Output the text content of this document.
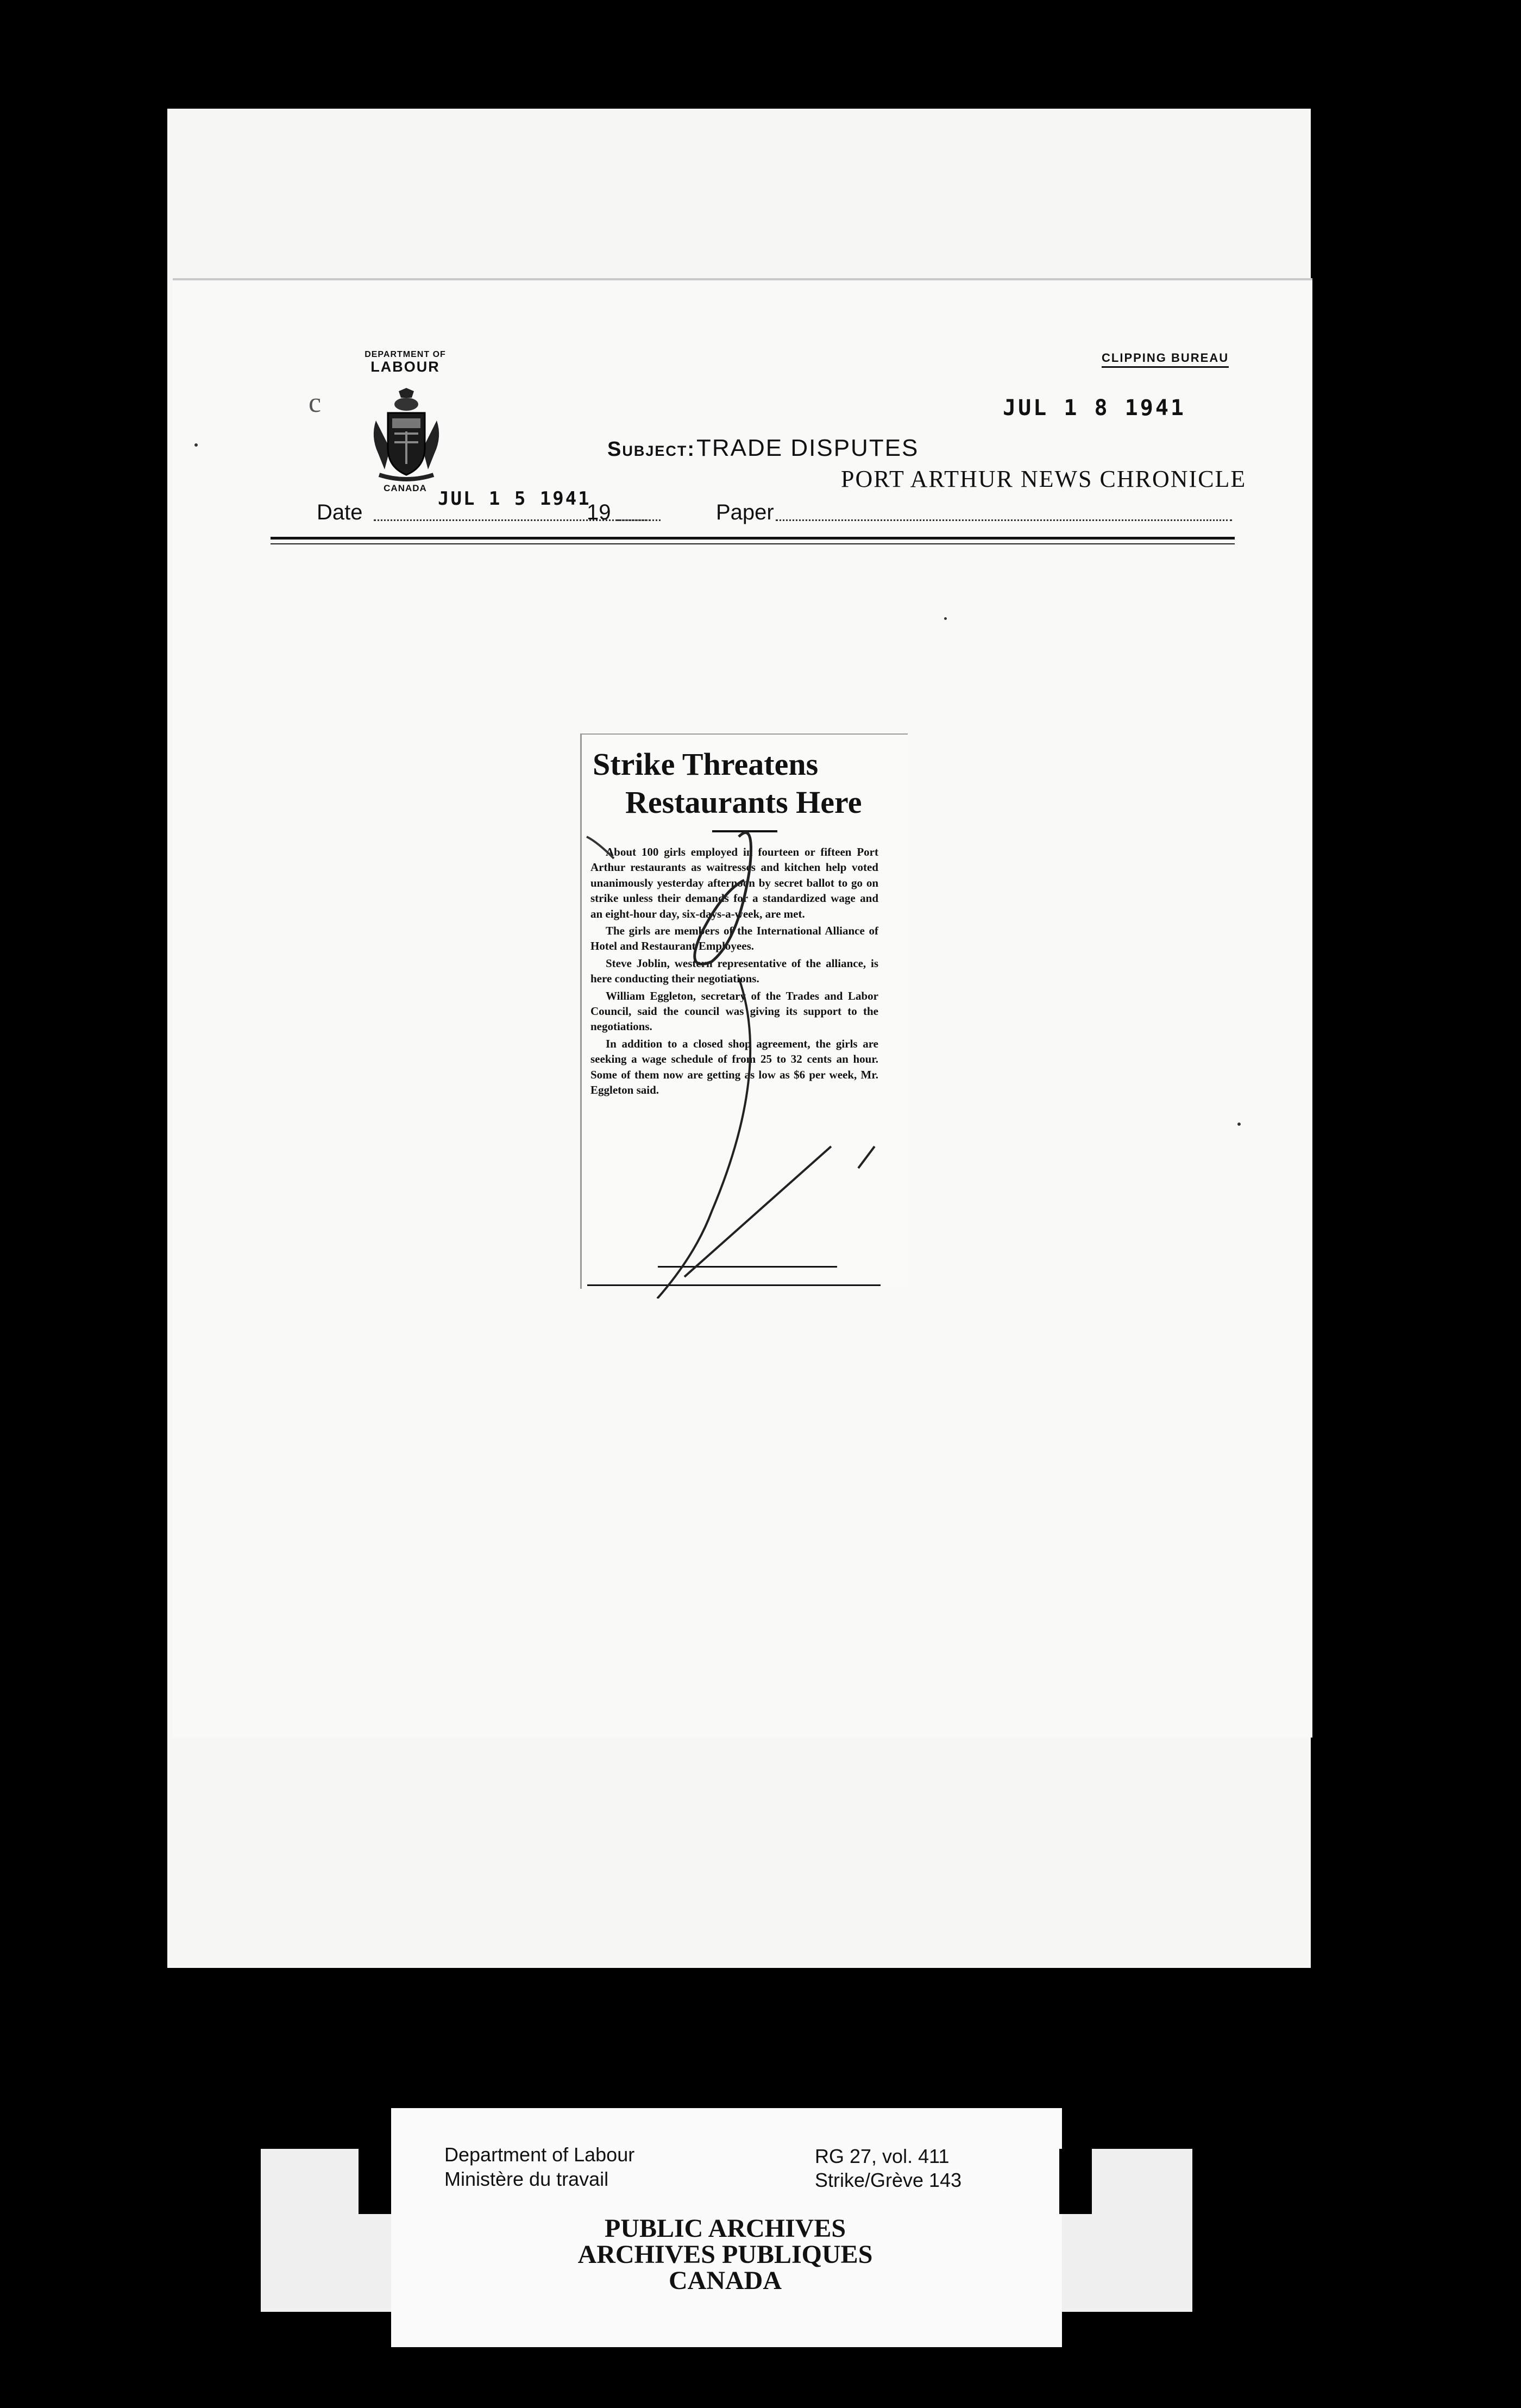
DEPARTMENT OF
LABOUR
c
CANADA
CLIPPING BUREAU
JUL 1 8 1941
Subject: TRADE DISPUTES
PORT ARTHUR NEWS CHRONICLE
Date
JUL 1 5 1941
19	Paper
Strike Threatens
Restaurants Here

About 100 girls employed in fourteen or fifteen Port Arthur restaurants as waitresses and kitchen help voted unanimously yesterday afternoon by secret ballot to go on strike unless their demands for a standardized wage and an eight-hour day, six-days-a-week, are met.

The girls are members of the International Alliance of Hotel and Restaurant Employees.

Steve Joblin, western representative of the alliance, is here conducting their negotiations.

William Eggleton, secretary of the Trades and Labor Council, said the council was giving its support to the negotiations.

In addition to a closed shop agreement, the girls are seeking a wage schedule of from 25 to 32 cents an hour. Some of them now are getting as low as $6 per week, Mr. Eggleton said.

Department of Labour
Ministère du travail
RG 27, vol. 411
Strike/Grève 143
PUBLIC ARCHIVES
ARCHIVES PUBLIQUES
CANADA
